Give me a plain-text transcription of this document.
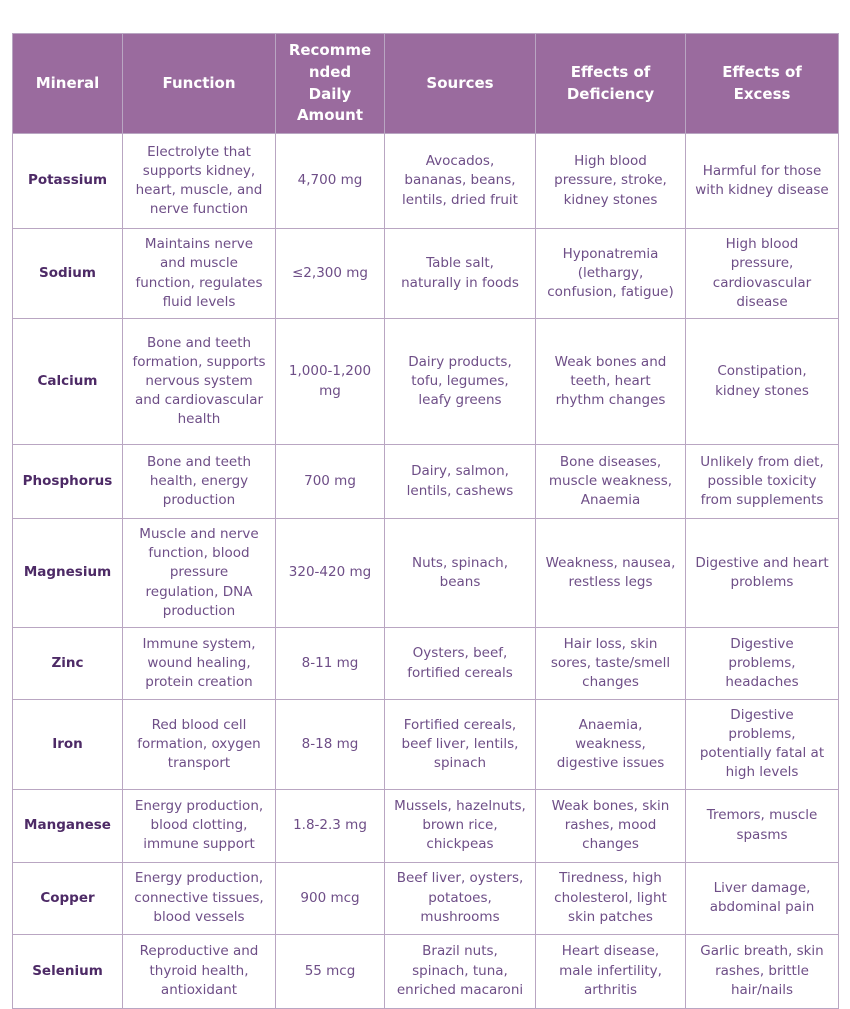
Mineral	Function	Recommended Daily Amount	Sources	Effects of Deficiency	Effects of Excess
Potassium	Electrolyte that supports kidney, heart, muscle, and nerve function	4,700 mg	Avocados, bananas, beans, lentils, dried fruit	High blood pressure, stroke, kidney stones	Harmful for those with kidney disease
Sodium	Maintains nerve and muscle function, regulates fluid levels	≤2,300 mg	Table salt, naturally in foods	Hyponatremia (lethargy, confusion, fatigue)	High blood pressure, cardiovascular disease
Calcium	Bone and teeth formation, supports nervous system and cardiovascular health	1,000-1,200 mg	Dairy products, tofu, legumes, leafy greens	Weak bones and teeth, heart rhythm changes	Constipation, kidney stones
Phosphorus	Bone and teeth health, energy production	700 mg	Dairy, salmon, lentils, cashews	Bone diseases, muscle weakness, Anaemia	Unlikely from diet, possible toxicity from supplements
Magnesium	Muscle and nerve function, blood pressure regulation, DNA production	320-420 mg	Nuts, spinach, beans	Weakness, nausea, restless legs	Digestive and heart problems
Zinc	Immune system, wound healing, protein creation	8-11 mg	Oysters, beef, fortified cereals	Hair loss, skin sores, taste/smell changes	Digestive problems, headaches
Iron	Red blood cell formation, oxygen transport	8-18 mg	Fortified cereals, beef liver, lentils, spinach	Anaemia, weakness, digestive issues	Digestive problems, potentially fatal at high levels
Manganese	Energy production, blood clotting, immune support	1.8-2.3 mg	Mussels, hazelnuts, brown rice, chickpeas	Weak bones, skin rashes, mood changes	Tremors, muscle spasms
Copper	Energy production, connective tissues, blood vessels	900 mcg	Beef liver, oysters, potatoes, mushrooms	Tiredness, high cholesterol, light skin patches	Liver damage, abdominal pain
Selenium	Reproductive and thyroid health, antioxidant	55 mcg	Brazil nuts, spinach, tuna, enriched macaroni	Heart disease, male infertility, arthritis	Garlic breath, skin rashes, brittle hair/nails
